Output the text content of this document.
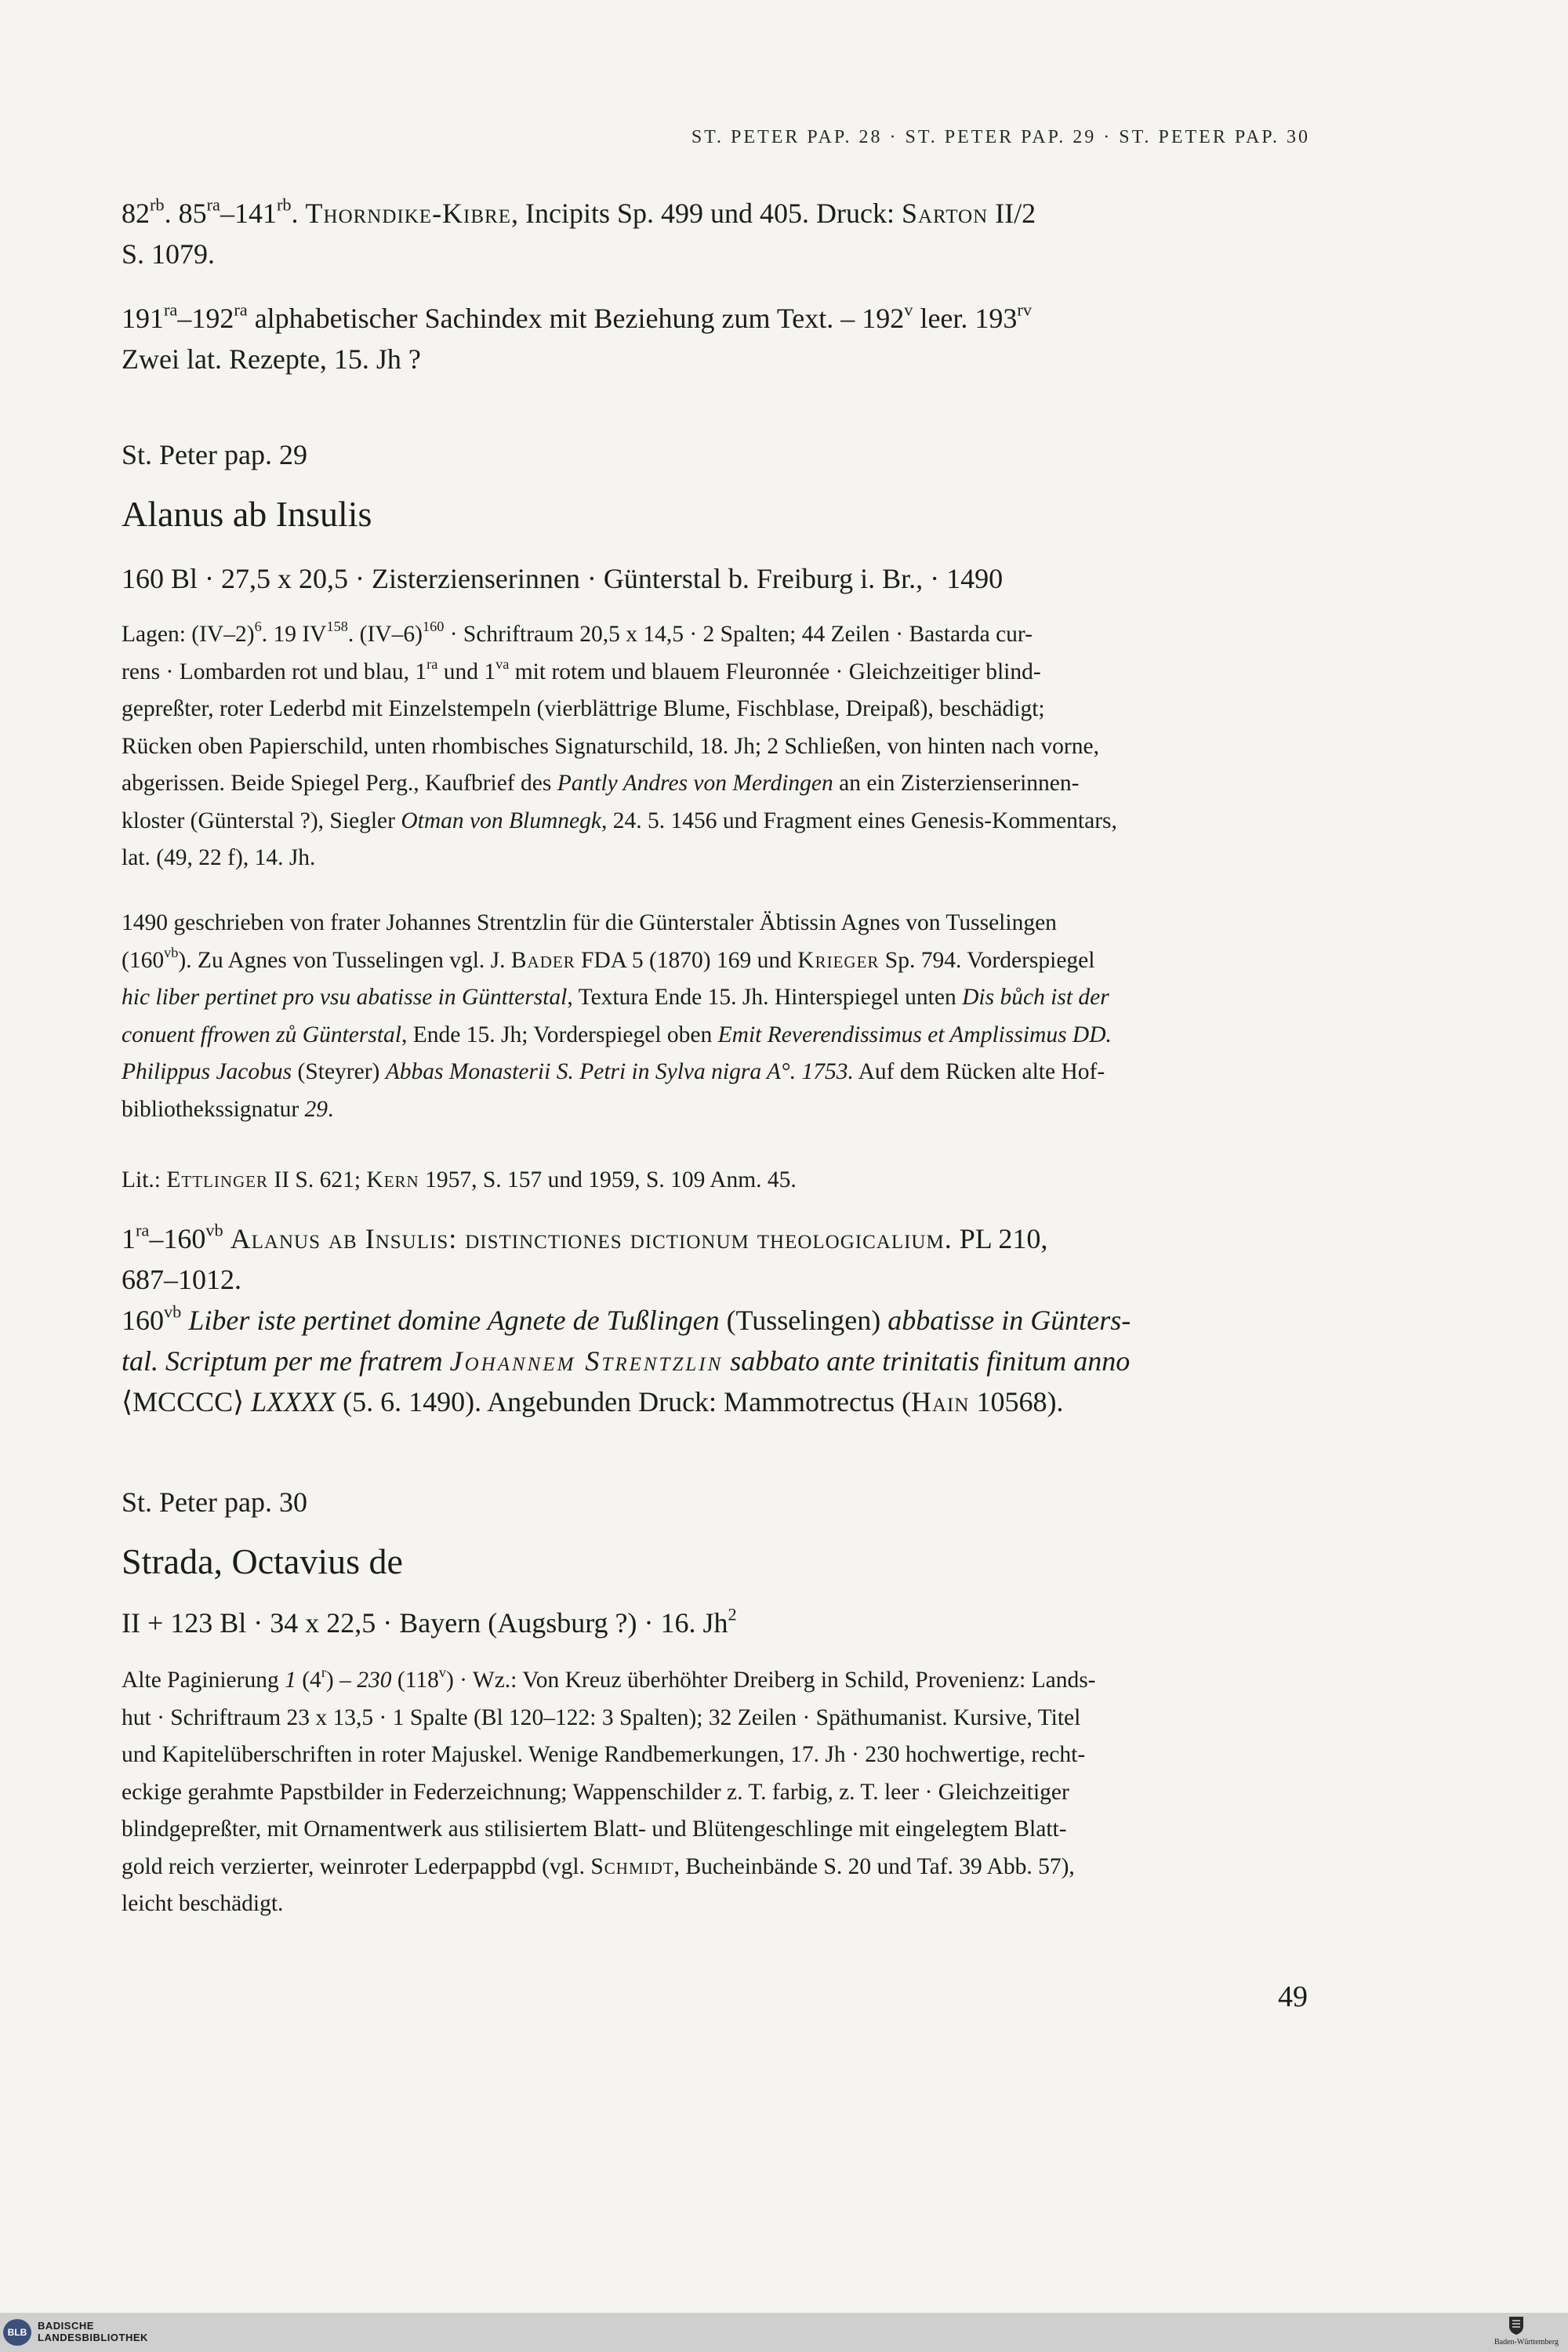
ST. PETER PAP. 28 · ST. PETER PAP. 29 · ST. PETER PAP. 30
$82^{rb}$. $85^{ra}-141^{rb}$. Thorndike-Kibre, Incipits Sp. 499 und 405. Druck: Sarton II/2
S. 1079.
$191^{ra}-192^{ra}$ alphabetischer Sachindex mit Beziehung zum Text. – 192$^v$ leer. $193^{rv}$
Zwei lat. Rezepte, 15. Jh ?
St. Peter pap. 29
Alanus ab Insulis
160 Bl · 27,5 x 20,5 · Zisterzienserinnen · Günterstal b. Freiburg i. Br., · 1490
Lagen: $(IV-2)^6$. 19 IV$^{158}$. $(IV-6)^{160}$ · Schriftraum 20,5 x 14,5 · 2 Spalten; 44 Zeilen · Bastarda cur-
rens · Lombarden rot und blau, $1^{ra}$ und $1^{va}$ mit rotem und blauem Fleuronnée · Gleichzeitiger blind-
gepreßter, roter Lederbd mit Einzelstempeln (vierblättrige Blume, Fischblase, Dreipaß), beschädigt;
Rücken oben Papierschild, unten rhombisches Signaturschild, 18. Jh; 2 Schließen, von hinten nach vorne,
abgerissen. Beide Spiegel Perg., Kaufbrief des Pantly Andres von Merdingen an ein Zisterzienserinnen-
kloster (Günterstal ?), Siegler Otman von Blumnegk, 24. 5. 1456 und Fragment eines Genesis-Kommentars,
lat. (49, 22 f), 14. Jh.
1490 geschrieben von frater Johannes Strentzlin für die Günterstaler Äbtissin Agnes von Tusselingen
$(160^{vb})$. Zu Agnes von Tusselingen vgl. J. Bader FDA 5 (1870) 169 und Krieger Sp. 794. Vorderspiegel
hic liber pertinet pro vsu abatisse in Güntterstal, Textura Ende 15. Jh. Hinterspiegel unten Dis bůch ist der
conuent ffrowen zů Günterstal, Ende 15. Jh; Vorderspiegel oben Emit Reverendissimus et Amplissimus DD.
Philippus Jacobus (Steyrer) Abbas Monasterii S. Petri in Sylva nigra A°. 1753. Auf dem Rücken alte Hof-
bibliothekssignatur 29.
Lit.: Ettlinger II S. 621; Kern 1957, S. 157 und 1959, S. 109 Anm. 45.
$1^{ra}-160^{vb}$ Alanus ab Insulis: distinctiones dictionum theologicalium. PL 210,
687–1012.
$160^{vb}$ Liber iste pertinet domine Agnete de Tußlingen (Tusselingen) abbatisse in Günters-
tal. Scriptum per me fratrem Johannem Strentzlin sabbato ante trinitatis finitum anno
⟨MCCCC⟩ LXXXX (5. 6. 1490). Angebunden Druck: Mammotrectus (Hain 10568).
St. Peter pap. 30
Strada, Octavius de
II + 123 Bl · 34 x 22,5 · Bayern (Augsburg ?) · 16. Jh$^2$
Alte Paginierung 1 (4$^r$) – 230 $(118^v) \cdot Wz$.: Von Kreuz überhöhter Dreiberg in Schild, Provenienz: Lands-
hut · Schriftraum 23 x 13,5 · 1 Spalte (Bl 120–122: 3 Spalten); 32 Zeilen · Späthumanist. Kursive, Titel
und Kapitelüberschriften in roter Majuskel. Wenige Randbemerkungen, 17. Jh · 230 hochwertige, recht-
eckige gerahmte Papstbilder in Federzeichnung; Wappenschilder z. T. farbig, z. T. leer · Gleichzeitiger
blindgepreßter, mit Ornamentwerk aus stilisiertem Blatt- und Blütengeschlinge mit eingelegtem Blatt-
gold reich verzierter, weinroter Lederpappbd (vgl. Schmidt, Bucheinbände S. 20 und Taf. 39 Abb. 57),
leicht beschädigt.
49
BLB
BADISCHE
LANDESBIBLIOTHEK	Baden-Württemberg
